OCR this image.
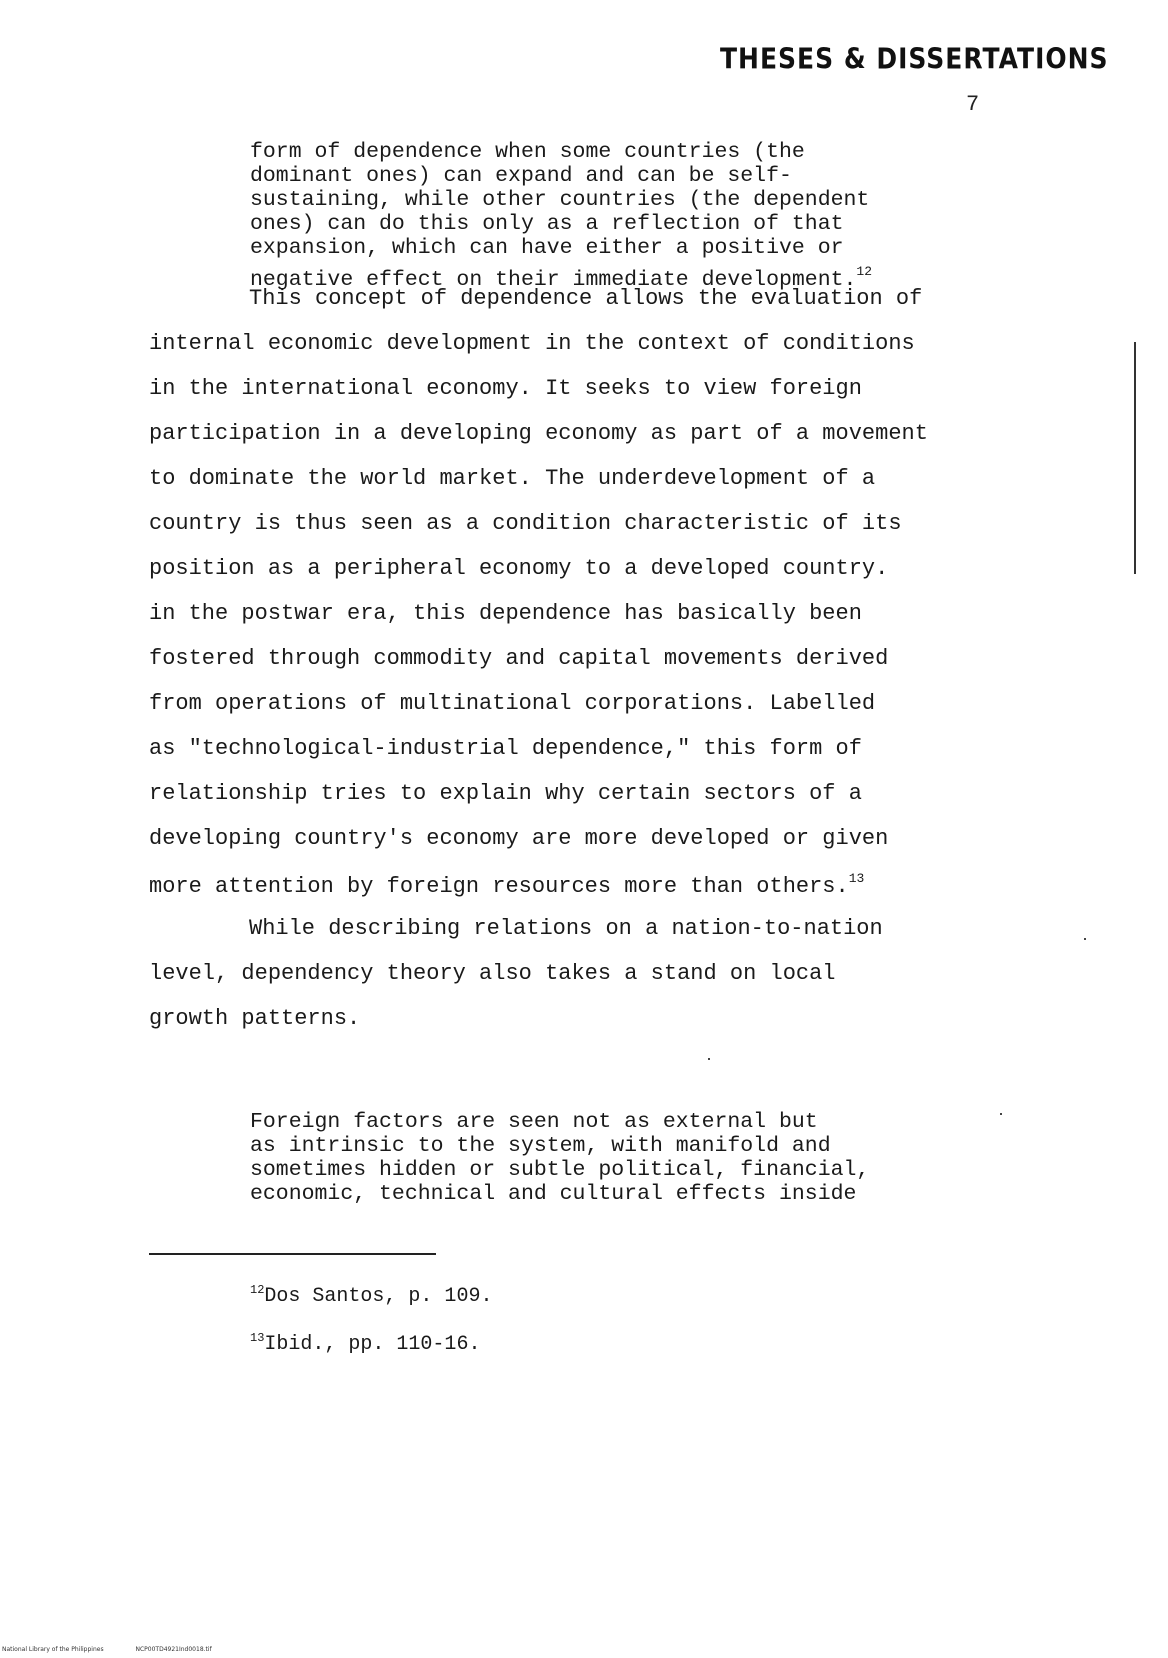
THESES & DISSERTATIONS
7
form of dependence when some countries (the
dominant ones) can expand and can be self-
sustaining, while other countries (the dependent
ones) can do this only as a reflection of that
expansion, which can have either a positive or
negative effect on their immediate development.$^{12}$
This concept of dependence allows the evaluation of
internal economic development in the context of conditions
in the international economy. It seeks to view foreign
participation in a developing economy as part of a movement
to dominate the world market. The underdevelopment of a
country is thus seen as a condition characteristic of its
position as a peripheral economy to a developed country.
in the postwar era, this dependence has basically been
fostered through commodity and capital movements derived
from operations of multinational corporations. Labelled
as "technological-industrial dependence," this form of
relationship tries to explain why certain sectors of a
developing country's economy are more developed or given
more attention by foreign resources more than others.$^{13}$
While describing relations on a nation-to-nation
level, dependency theory also takes a stand on local
growth patterns.
Foreign factors are seen not as external but
as intrinsic to the system, with manifold and
sometimes hidden or subtle political, financial,
economic, technical and cultural effects inside
$^{12}$Dos Santos, p. 109.
$^{13}$Ibid., pp. 110-16.
National Library of the Philippines	NCP00TD4921Ind0018.tif
